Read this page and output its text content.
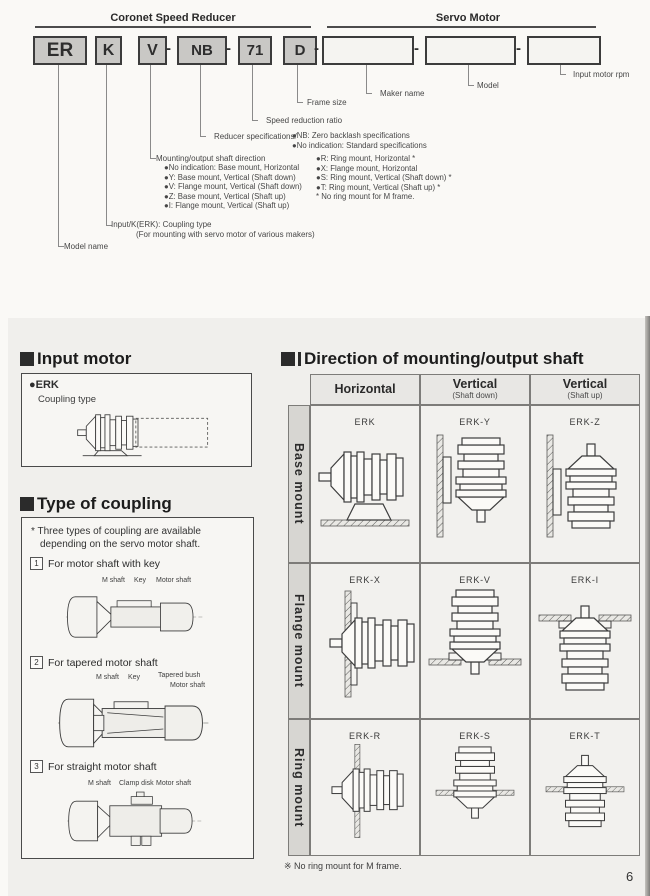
Coronet Speed Reducer	Servo Motor
ER	K	V	NB	71	D
-	-	-	-	-
Input motor rpm
Model
Maker name
Frame size
Speed reduction ratio
Reducer specifications/
●NB: Zero backlash specifications
●No indication: Standard specifications
Mounting/output shaft direction
●No indication: Base mount, Horizontal
●Y: Base mount, Vertical (Shaft down)
●V: Flange mount, Vertical (Shaft down)
●Z: Base mount, Vertical (Shaft up)
●I: Flange mount, Vertical (Shaft up)
●R: Ring mount, Horizontal *
●X: Flange mount, Horizontal
●S: Ring mount, Vertical (Shaft down) *
●T: Ring mount, Vertical (Shaft up) *
* No ring mount for M frame.
Input/K(ERK): Coupling type
(For mounting with servo motor of various makers)
Model name
Input motor
●ERK
Coupling type
Type of coupling
* Three types of coupling are available
depending on the servo motor shaft.
1 For motor shaft with key
M shaft Key Motor shaft
2 For tapered motor shaft
M shaft Key	Tapered bush
Motor shaft
3 For straight motor shaft
M shaft Clamp disk Motor shaft
Direction of mounting/output shaft
Horizontal	Vertical
(Shaft down)
Vertical
(Shaft up)
Base mount
ERK	ERK-Y	ERK-Z
Flange mount
ERK-X	ERK-V	ERK-I
Ring mount
ERK-R	ERK-S	ERK-T
※ No ring mount for M frame.
6
